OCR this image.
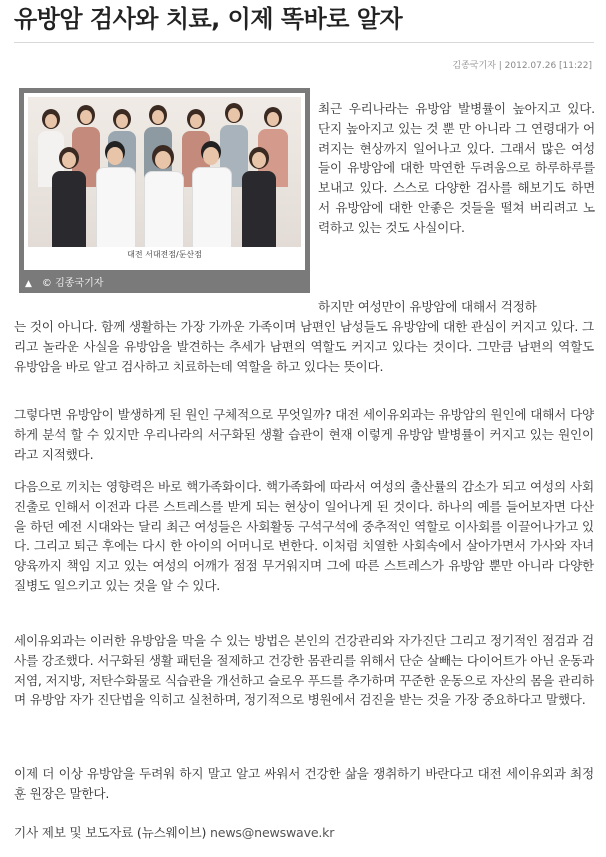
유방암 검사와 치료, 이제 똑바로 알자
김종국기자 | 2012.07.26 [11:22]
대전 서대전점/둔산점
▲ © 김종국기자
최근 우리나라는 유방암 발병률이 높아지고 있다. 단지 높아지고 있는 것 뿐 만 아니라 그 연령대가 어려지는 현상까지 일어나고 있다. 그래서 많은 여성들이 유방암에 대한 막연한 두려움으로 하루하루를 보내고 있다. 스스로 다양한 검사를 해보기도 하면서 유방암에 대한 안좋은 것들을 떨쳐 버리려고 노력하고 있는 것도 사실이다.
하지만 여성만이 유방암에 대해서 걱정하
는 것이 아니다. 함께 생활하는 가장 가까운 가족이며 남편인 남성들도 유방암에 대한 관심이 커지고 있다. 그리고 놀라운 사실을 유방암을 발견하는 추세가 남편의 역할도 커지고 있다는 것이다. 그만큼 남편의 역할도 유방암을 바로 알고 검사하고 치료하는데 역할을 하고 있다는 뜻이다.
그렇다면 유방암이 발생하게 된 원인 구체적으로 무엇일까? 대전 세이유외과는 유방암의 원인에 대해서 다양하게 분석 할 수 있지만 우리나라의 서구화된 생활 습관이 현재 이렇게 유방암 발병률이 커지고 있는 원인이라고 지적했다.
다음으로 끼치는 영향력은 바로 핵가족화이다. 핵가족화에 따라서 여성의 출산률의 감소가 되고 여성의 사회진출로 인해서 이전과 다른 스트레스를 받게 되는 현상이 일어나게 된 것이다. 하나의 예를 들어보자면 다산을 하던 예전 시대와는 달리 최근 여성들은 사회활동 구석구석에 중추적인 역할로 이사회를 이끌어나가고 있다. 그리고 퇴근 후에는 다시 한 아이의 어머니로 변한다. 이처럼 치열한 사회속에서 살아가면서 가사와 자녀양육까지 책임 지고 있는 여성의 어깨가 점점 무거워지며 그에 따른 스트레스가 유방암 뿐만 아니라 다양한 질병도 일으키고 있는 것을 알 수 있다.
세이유외과는 이러한 유방암을 막을 수 있는 방법은 본인의 건강관리와 자가진단 그리고 정기적인 점검과 검사를 강조했다. 서구화된 생활 패턴을 절제하고 건강한 몸관리를 위해서 단순 살빼는 다이어트가 아닌 운동과 저염, 저지방, 저탄수화물로 식습관을 개선하고 슬로우 푸드를 추가하며 꾸준한 운동으로 자산의 몸을 관리하며 유방암 자가 진단법을 익히고 실천하며, 정기적으로 병원에서 검진을 받는 것을 가장 중요하다고 말했다.
이제 더 이상 유방암을 두려워 하지 말고 알고 싸워서 건강한 삶을 쟁취하기 바란다고 대전 세이유외과 최정훈 원장은 말한다.
기사 제보 및 보도자료 (뉴스웨이브) news@newswave.kr
